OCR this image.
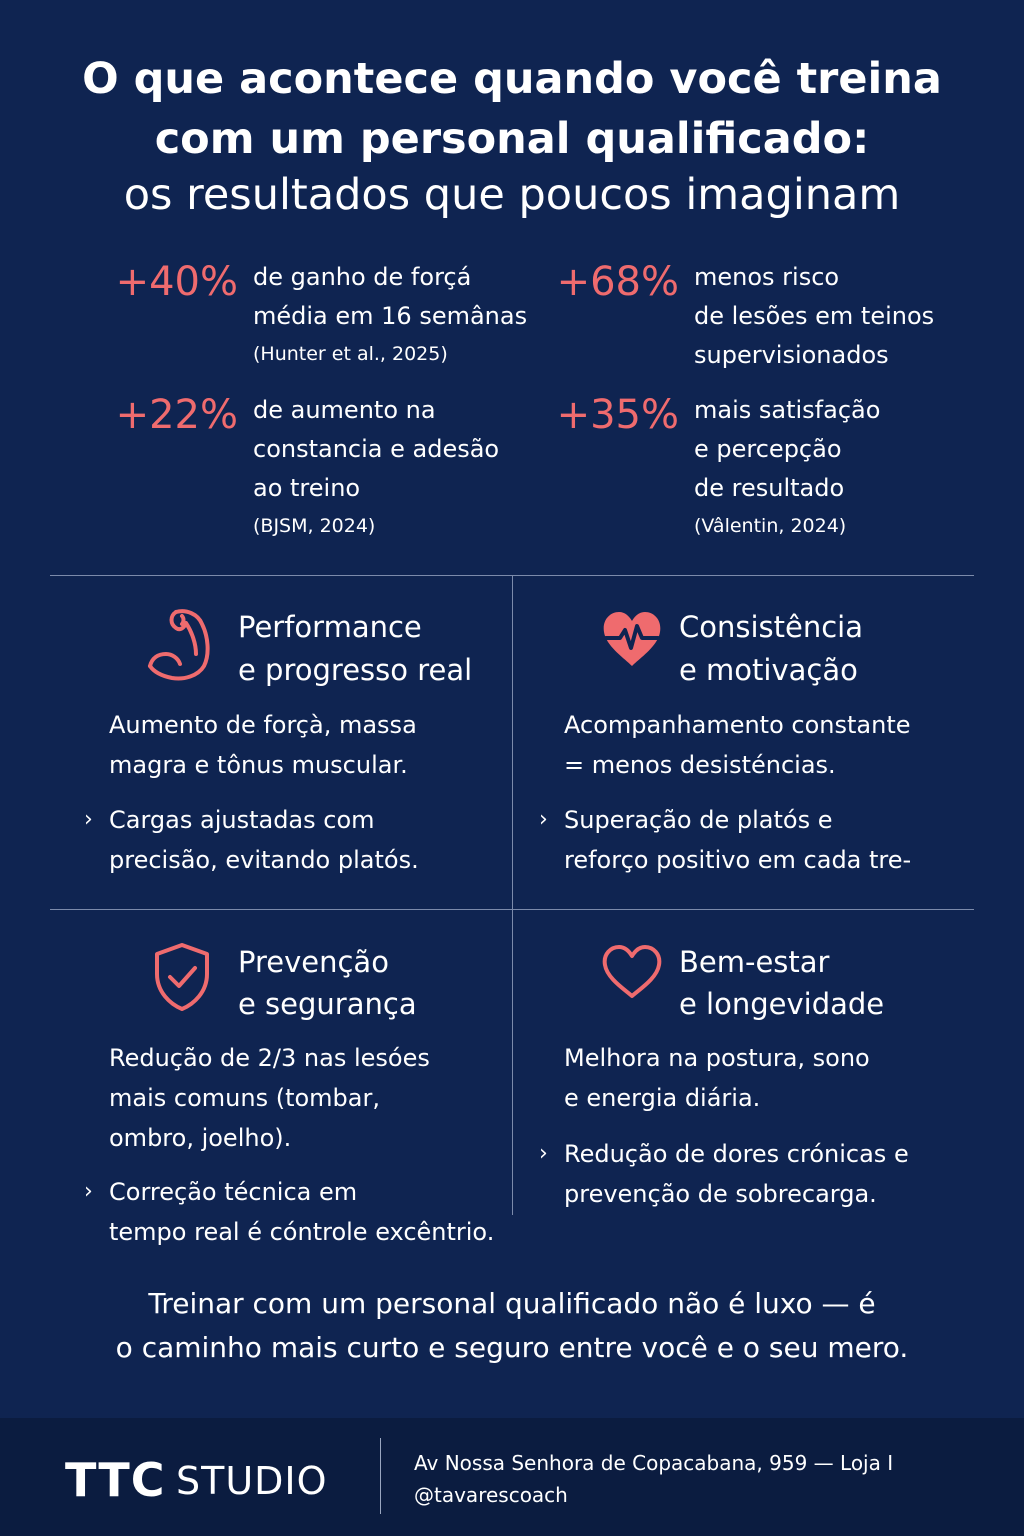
O que acontece quando você treina
com um personal qualificado:
os resultados que poucos imaginam
+40% de ganho de forçá
média em 16 semânas
(Hunter et al., 2025)
+68% menos risco
de lesões em teinos
supervisionados
+22% de aumento na
constancia e adesão
ao treino
(BJSM, 2024)
+35% mais satisfação
e percepção
de resultado
(Vâlentin, 2024)
Performance
e progresso real
Aumento de forçà, massa
magra e tônus muscular.
› Cargas ajustadas com
precisão, evitando platós.
Consistência
e motivação
Acompanhamento constante
= menos desisténcias.
› Superação de platós e
reforço positivo em cada tre-
Prevenção
e segurança
Redução de 2/3 nas lesóes
mais comuns (tombar,
ombro, joelho).
› Correção técnica em
tempo real é cóntrole excêntrio.
Bem-estar
e longevidade
Melhora na postura, sono
e energia diária.
› Redução de dores crónicas e
prevenção de sobrecarga.
Treinar com um personal qualificado não é luxo — é
o caminho mais curto e seguro entre você e o seu mero.
TTC STUDIO	Av Nossa Senhora de Copacabana, 959 — Loja I
@tavarescoach
